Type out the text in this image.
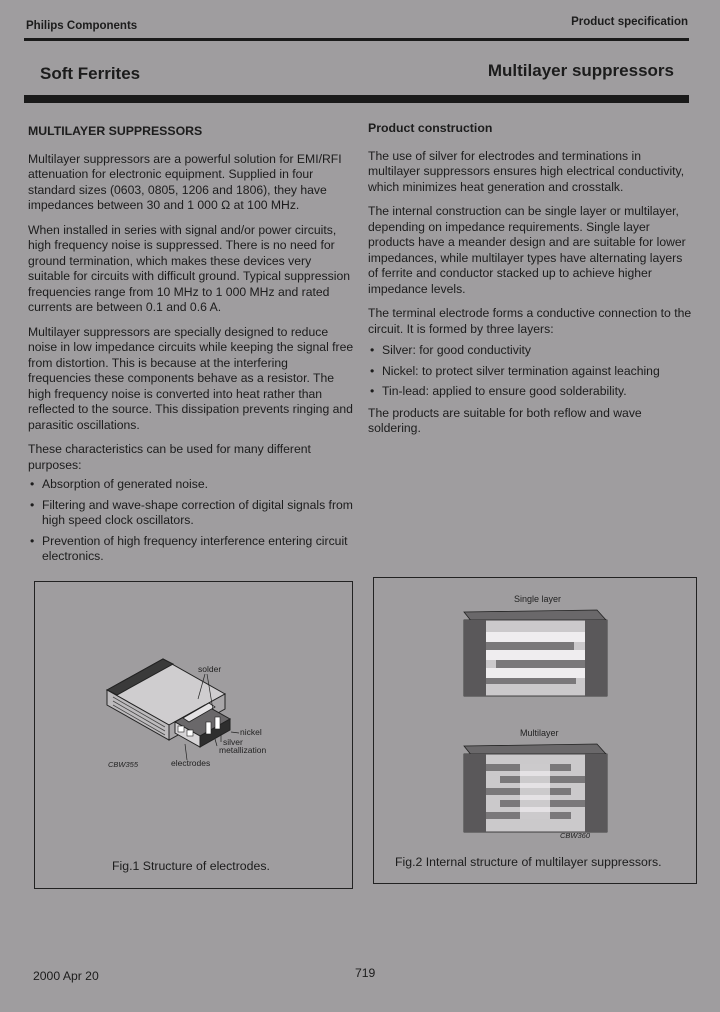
Philips Components	Product specification
Soft Ferrites	Multilayer suppressors
MULTILAYER SUPPRESSORS

Multilayer suppressors are a powerful solution for EMI/RFI attenuation for electronic equipment. Supplied in four standard sizes (0603, 0805, 1206 and 1806), they have impedances between 30 and 1 000 Ω at 100 MHz.

When installed in series with signal and/or power circuits, high frequency noise is suppressed. There is no need for ground termination, which makes these devices very suitable for circuits with difficult ground. Typical suppression frequencies range from 10 MHz to 1 000 MHz and rated currents are between 0.1 and 0.6 A.

Multilayer suppressors are specially designed to reduce noise in low impedance circuits while keeping the signal free from distortion. This is because at the interfering frequencies these components behave as a resistor. The high frequency noise is converted into heat rather than reflected to the source. This dissipation prevents ringing and parasitic oscillations.

These characteristics can be used for many different purposes:

• Absorption of generated noise.
• Filtering and wave-shape correction of digital signals from high speed clock oscillators.
• Prevention of high frequency interference entering circuit electronics.
Product construction

The use of silver for electrodes and terminations in multilayer suppressors ensures high electrical conductivity, which minimizes heat generation and crosstalk.

The internal construction can be single layer or multilayer, depending on impedance requirements. Single layer products have a meander design and are suitable for lower impedances, while multilayer types have alternating layers of ferrite and conductor stacked up to achieve higher impedance levels.

The terminal electrode forms a conductive connection to the circuit. It is formed by three layers:

• Silver: for good conductivity
• Nickel: to protect silver termination against leaching
• Tin-lead: applied to ensure good solderability.

The products are suitable for both reflow and wave soldering.

solder
nickel
silver
metallization
electrodes
CBW355
Fig.1 Structure of electrodes.
Single layer
Multilayer
CBW360
Fig.2 Internal structure of multilayer suppressors.
2000 Apr 20	719
